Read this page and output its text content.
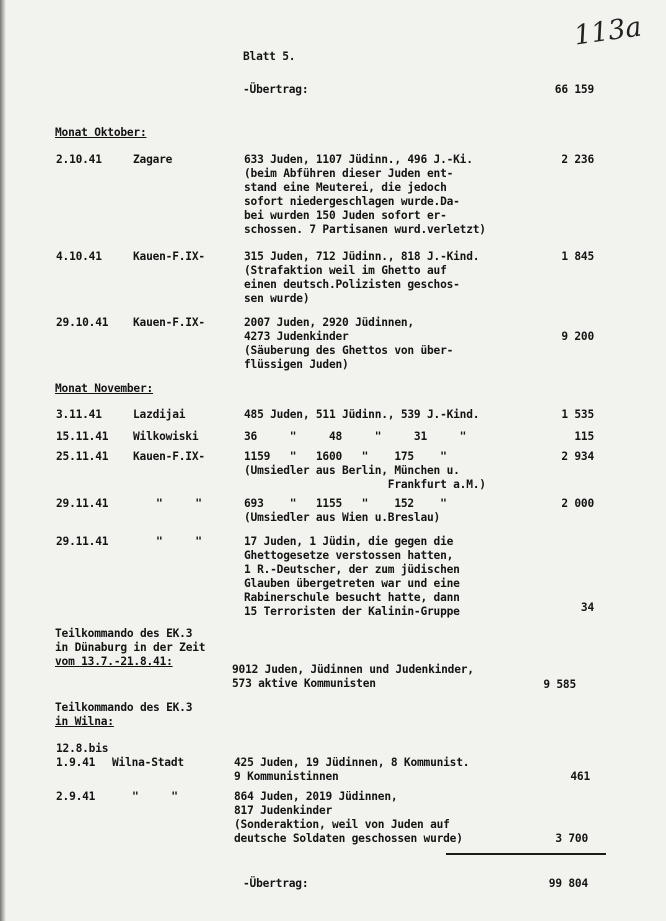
Blatt 5.
113a
-Übertrag:	66 159
Monat Oktober:
2.10.41	Zagare	633 Juden, 1107 Jüdinn., 496 J.-Ki.
(beim Abführen dieser Juden ent-
stand eine Meuterei, die jedoch
sofort niedergeschlagen wurde.Da-
bei wurden 150 Juden sofort er-
schossen. 7 Partisanen wurd.verletzt)
2 236
4.10.41	Kauen-F.IX-	315 Juden, 712 Jüdinn., 818 J.-Kind.
(Strafaktion weil im Ghetto auf
einen deutsch.Polizisten geschos-
sen wurde)
1 845
29.10.41 Kauen-F.IX-	2007 Juden, 2920 Jüdinnen,
4273 Judenkinder
(Säuberung des Ghettos von über-
flüssigen Juden)
9 200
Monat November:
3.11.41	Lazdijai	485 Juden, 511 Jüdinn., 539 J.-Kind.	1 535
15.11.41 Wilkowiski	36     "     48     "     31     "	115
25.11.41 Kauen-F.IX-	1159   "   1600   "    175    "
(Umsiedler aus Berlin, München u.
Frankfurt a.M.)
2 934
29.11.41	"     "	693    "   1155   "    152    "
(Umsiedler aus Wien u.Breslau)
2 000
29.11.41	"     "	17 Juden, 1 Jüdin, die gegen die
Ghettogesetze verstossen hatten,
1 R.-Deutscher, der zum jüdischen
Glauben übergetreten war und eine
Rabinerschule besucht hatte, dann
15 Terroristen der Kalinin-Gruppe	34
Teilkommando des EK.3
in Dünaburg in der Zeit
vom 13.7.-21.8.41:
9012 Juden, Jüdinnen und Judenkinder,
573 aktive Kommunisten	9 585
Teilkommando des EK.3
in Wilna:
12.8.bis
1.9.41 Wilna-Stadt	425 Juden, 19 Jüdinnen, 8 Kommunist.
9 Kommunistinnen	461
2.9.41	"     "	864 Juden, 2019 Jüdinnen,
817 Judenkinder
(Sonderaktion, weil von Juden auf
deutsche Soldaten geschossen wurde)	3 700
-Übertrag:	99 804
